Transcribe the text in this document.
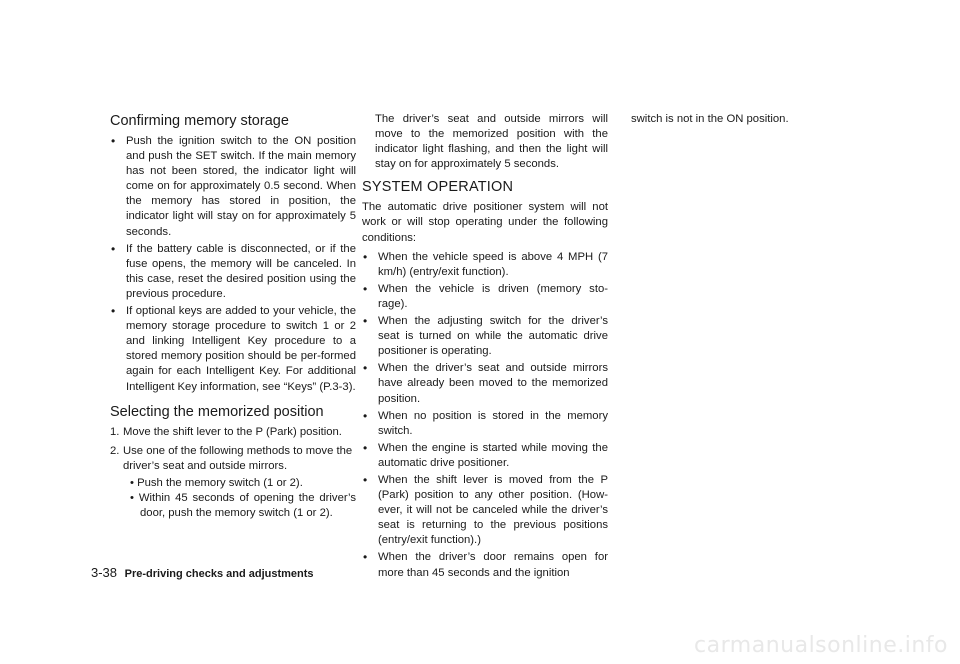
Confirming memory storage
• Push the ignition switch to the ON position and push the SET switch. If the main memory has not been stored, the indicator light will come on for approximately 0.5 second. When the memory has stored in position, the indicator light will stay on for approximately 5 seconds.
• If the battery cable is disconnected, or if the fuse opens, the memory will be canceled. In this case, reset the desired position using the previous procedure.
• If optional keys are added to your vehicle, the memory storage procedure to switch 1 or 2 and linking Intelligent Key procedure to a stored memory position should be per-formed again for each Intelligent Key. For additional Intelligent Key information, see “Keys” (P.3-3).
Selecting the memorized position
1. Move the shift lever to the P (Park) position.
2. Use one of the following methods to move the driver’s seat and outside mirrors.
• Push the memory switch (1 or 2).
• Within 45 seconds of opening the driver’s door, push the memory switch (1 or 2).

The driver’s seat and outside mirrors will move to the memorized position with the indicator light flashing, and then the light will stay on for approximately 5 seconds.

SYSTEM OPERATION

The automatic drive positioner system will not work or will stop operating under the following conditions:

• When the vehicle speed is above 4 MPH (7 km/h) (entry/exit function).
• When the vehicle is driven (memory sto-rage).
• When the adjusting switch for the driver’s seat is turned on while the automatic drive positioner is operating.
• When the driver’s seat and outside mirrors have already been moved to the memorized position.
• When no position is stored in the memory switch.
• When the engine is started while moving the automatic drive positioner.
• When the shift lever is moved from the P (Park) position to any other position. (How-ever, it will not be canceled while the driver’s seat is returning to the previous positions (entry/exit function).)
• When the driver’s door remains open for more than 45 seconds and the ignition
3-38 Pre-driving checks and adjustments
carmanualsonline.info

switch is not in the ON position.
